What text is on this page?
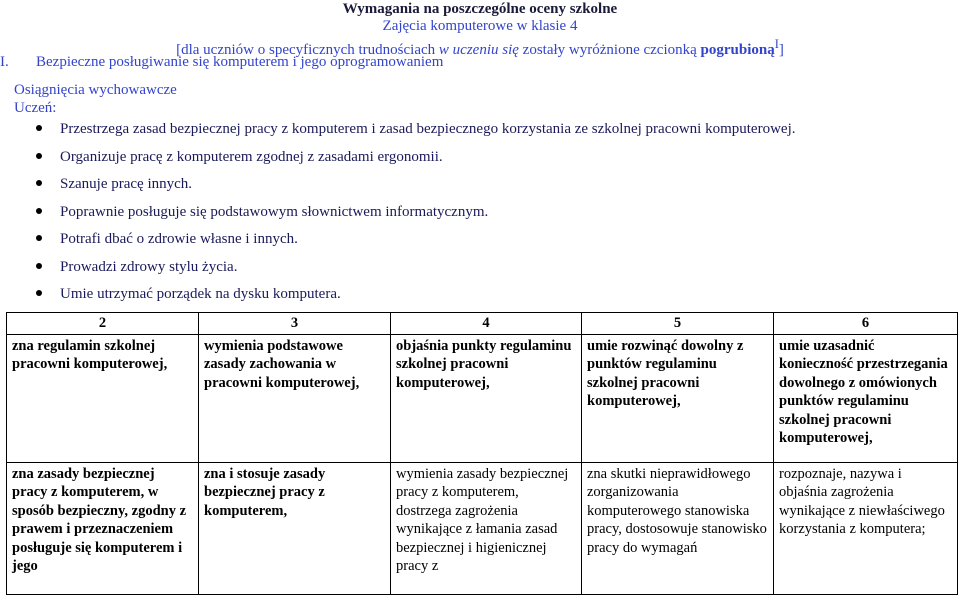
Wymagania na poszczególne oceny szkolne
Zajęcia komputerowe w klasie 4
[dla uczniów o specyficznych trudnościach w uczeniu się zostały wyróżnione czcionką pogrubioną$^I$]
I. Bezpieczne posługiwanie się komputerem i jego oprogramowaniem
Osiągnięcia wychowawcze
Uczeń:
Przestrzega zasad bezpiecznej pracy z komputerem i zasad bezpiecznego korzystania ze szkolnej pracowni komputerowej.
Organizuje pracę z komputerem zgodnej z zasadami ergonomii.
Szanuje pracę innych.
Poprawnie posługuje się podstawowym słownictwem informatycznym.
Potrafi dbać o zdrowie własne i innych.
Prowadzi zdrowy stylu życia.
Umie utrzymać porządek na dysku komputera.
2	3	4	5	6
zna regulamin szkolnej pracowni komputerowej,	wymienia podstawowe zasady zachowania w pracowni komputerowej,	objaśnia punkty regulaminu szkolnej pracowni komputerowej,	umie rozwinąć dowolny z punktów regulaminu szkolnej pracowni komputerowej,	umie uzasadnić konieczność przestrzegania dowolnego z omówionych punktów regulaminu szkolnej pracowni komputerowej,
zna zasady bezpiecznej pracy z komputerem, w sposób bezpieczny, zgodny z prawem i przeznaczeniem posługuje się komputerem i jego	zna i stosuje zasady bezpiecznej pracy z komputerem,	wymienia zasady bezpiecznej pracy z komputerem, dostrzega zagrożenia wynikające z łamania zasad bezpiecznej i higienicznej pracy z	zna skutki nieprawidłowego zorganizowania komputerowego stanowiska pracy, dostosowuje stanowisko pracy do wymagań	rozpoznaje, nazywa i objaśnia zagrożenia wynikające z niewłaściwego korzystania z komputera;
